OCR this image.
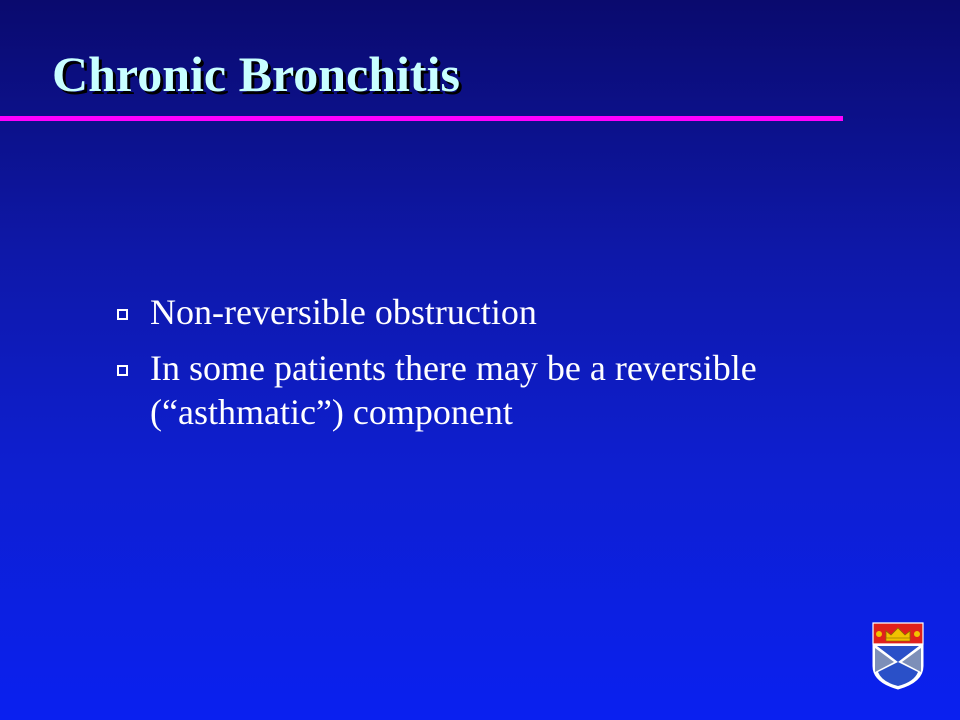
Chronic Bronchitis
Non-reversible obstruction
In some patients there may be a reversible (“asthmatic”) component
